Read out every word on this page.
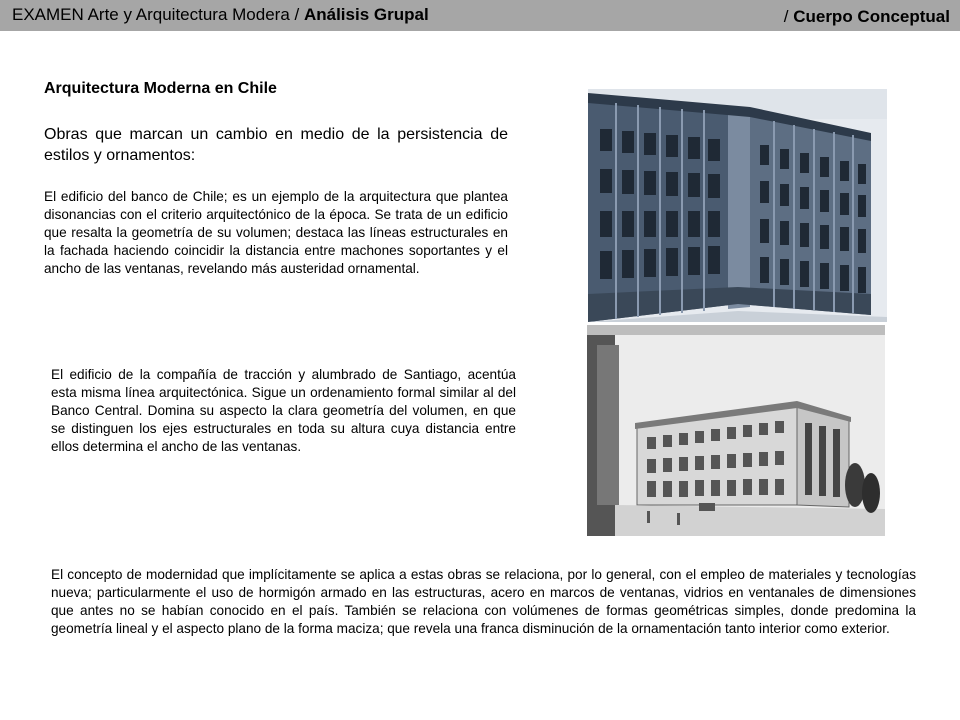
EXAMEN Arte y Arquitectura Modera / Análisis Grupal	/ Cuerpo Conceptual
Arquitectura Moderna en Chile
Obras que marcan un cambio en medio de la persistencia de estilos y ornamentos:
El edificio del banco de Chile; es un ejemplo de la arquitectura que plantea disonancias con el criterio arquitectónico de la época. Se trata de un edificio que resalta la geometría de su volumen; destaca las líneas estructurales en la fachada haciendo coincidir la distancia entre machones soportantes y el ancho de las ventanas, revelando más austeridad ornamental.
El edificio de la compañía de tracción y alumbrado de Santiago, acentúa esta misma línea arquitectónica. Sigue un ordenamiento formal similar al del Banco Central. Domina su aspecto la clara geometría del volumen, en que se distinguen los ejes estructurales en toda su altura cuya distancia entre ellos determina el ancho de las ventanas.
El concepto de modernidad que implícitamente se aplica a estas obras se relaciona, por lo general, con el empleo de materiales y tecnologías nueva; particularmente el uso de hormigón armado en las estructuras, acero en marcos de ventanas, vidrios en ventanales de dimensiones que antes no se habían conocido en el país. También se relaciona con volúmenes de formas geométricas simples, donde predomina la geometría lineal y el aspecto plano de la forma maciza; que revela una franca disminución de la ornamentación tanto interior como exterior.
